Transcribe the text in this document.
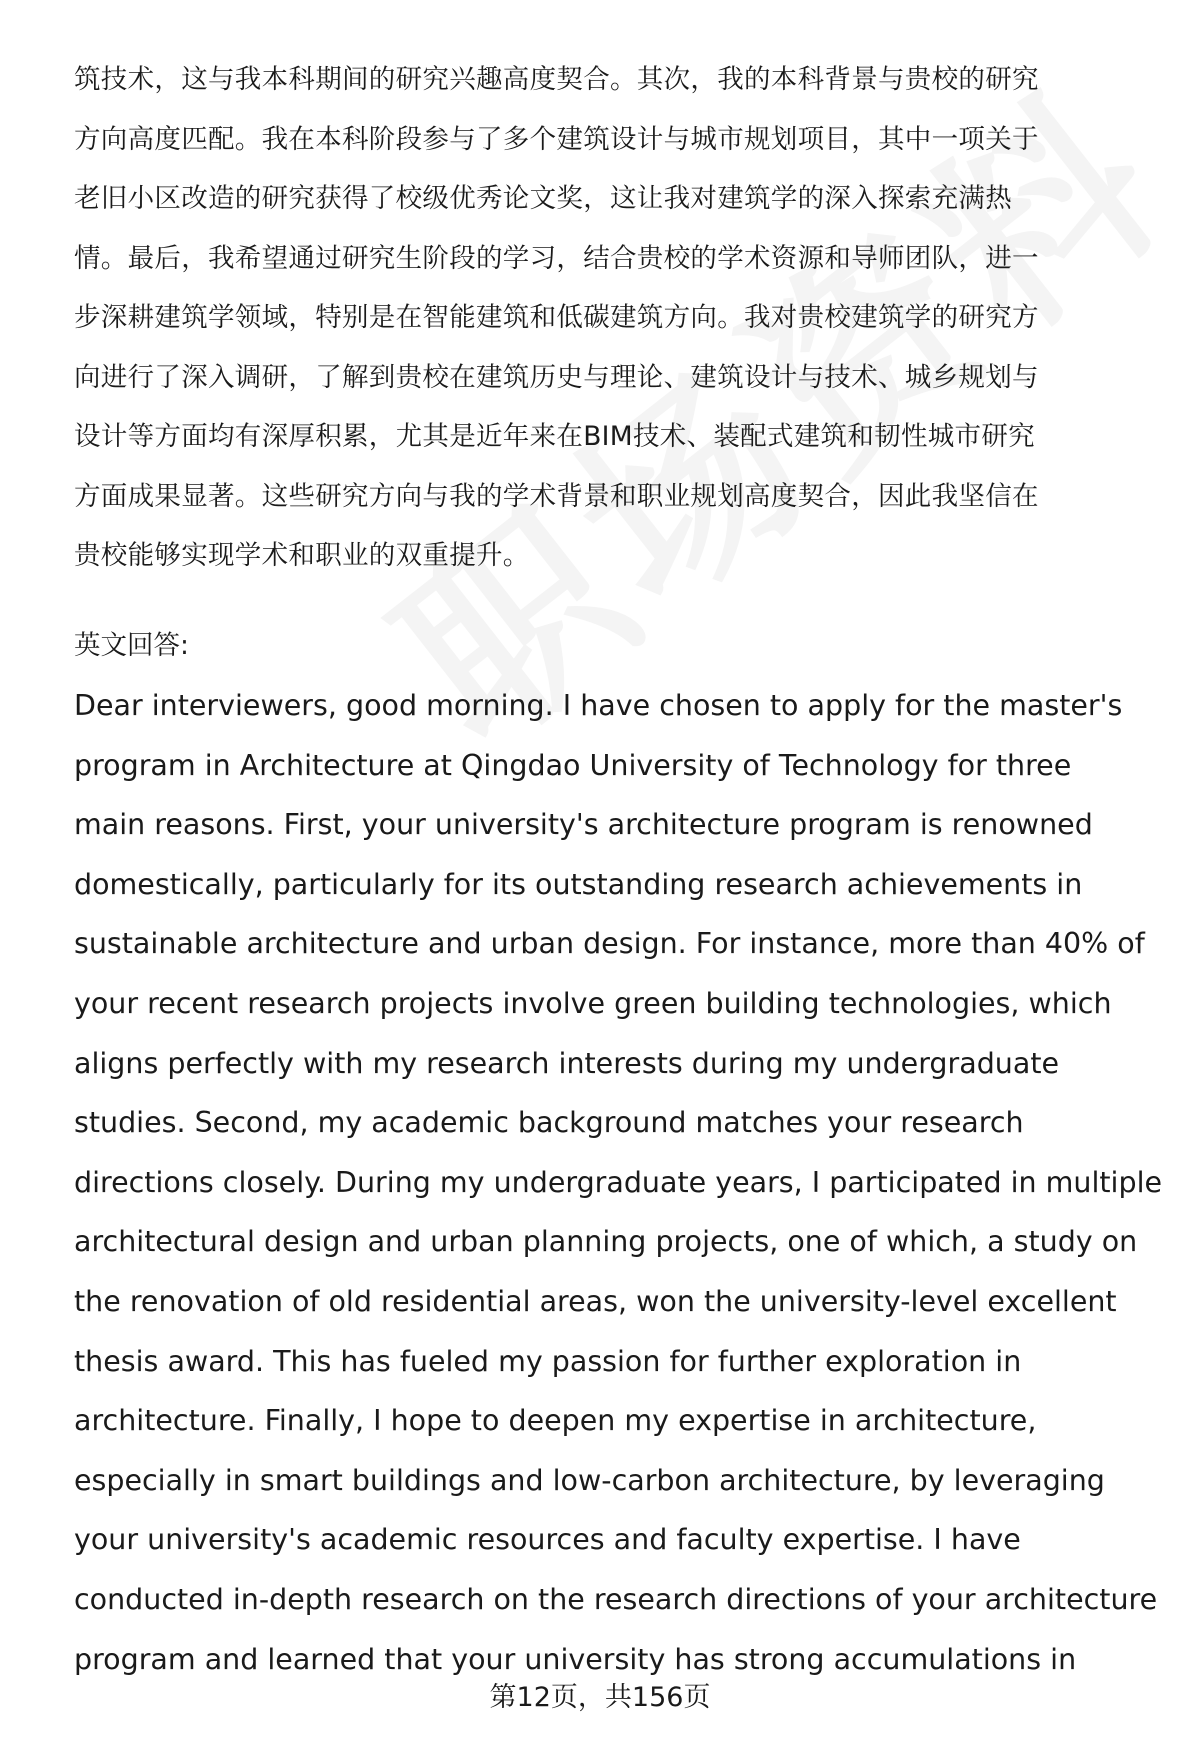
筑技术，这与我本科期间的研究兴趣高度契合。其次，我的本科背景与贵校的研究
方向高度匹配。我在本科阶段参与了多个建筑设计与城市规划项目，其中一项关于
老旧小区改造的研究获得了校级优秀论文奖，这让我对建筑学的深入探索充满热
情。最后，我希望通过研究生阶段的学习，结合贵校的学术资源和导师团队，进一
步深耕建筑学领域，特别是在智能建筑和低碳建筑方向。我对贵校建筑学的研究方
向进行了深入调研，了解到贵校在建筑历史与理论、建筑设计与技术、城乡规划与
设计等方面均有深厚积累，尤其是近年来在BIM技术、装配式建筑和韧性城市研究
方面成果显著。这些研究方向与我的学术背景和职业规划高度契合，因此我坚信在
贵校能够实现学术和职业的双重提升。
英文回答:
Dear interviewers, good morning. I have chosen to apply for the master's
program in Architecture at Qingdao University of Technology for three
main reasons. First, your university's architecture program is renowned
domestically, particularly for its outstanding research achievements in
sustainable architecture and urban design. For instance, more than 40% of
your recent research projects involve green building technologies, which
aligns perfectly with my research interests during my undergraduate
studies. Second, my academic background matches your research
directions closely. During my undergraduate years, I participated in multiple
architectural design and urban planning projects, one of which, a study on
the renovation of old residential areas, won the university-level excellent
thesis award. This has fueled my passion for further exploration in
architecture. Finally, I hope to deepen my expertise in architecture,
especially in smart buildings and low-carbon architecture, by leveraging
your university's academic resources and faculty expertise. I have
conducted in-depth research on the research directions of your architecture
program and learned that your university has strong accumulations in
第12页，共156页
